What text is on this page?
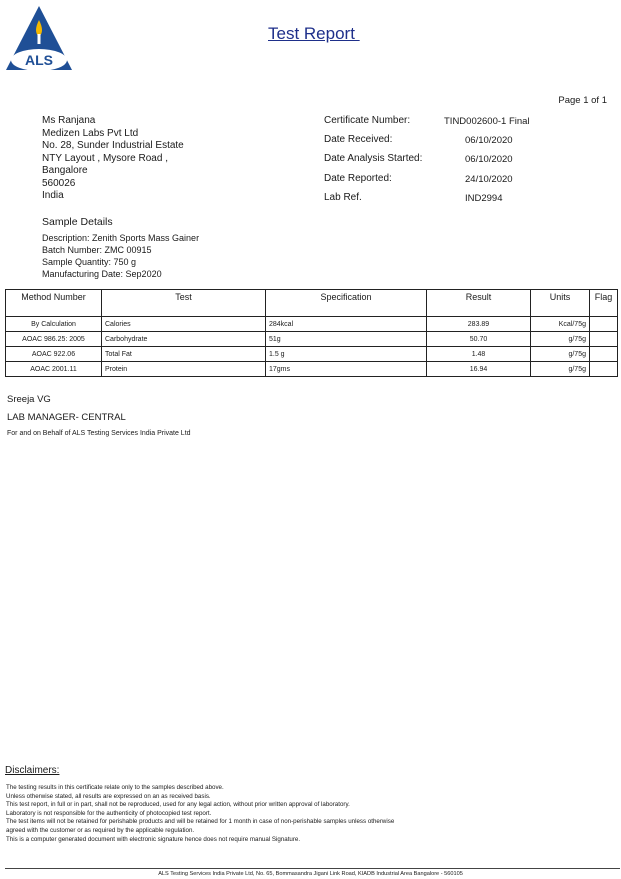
ALS
Test Report
Page 1 of 1
Ms Ranjana
Medizen Labs Pvt Ltd
No. 28, Sunder Industrial Estate
NTY Layout , Mysore Road ,
Bangalore
560026
India
Certificate Number:	TIND002600-1 Final
Date Received:	06/10/2020
Date Analysis Started:	06/10/2020
Date Reported:	24/10/2020
Lab Ref.	IND2994
Sample Details
Description: Zenith Sports Mass Gainer
Batch Number: ZMC 00915
Sample Quantity: 750 g
Manufacturing Date: Sep2020
Method Number	Test	Specification	Result	Units	Flag
By Calculation	Calories	284kcal	283.89	Kcal/75g	
AOAC 986.25: 2005	Carbohydrate	51g	50.70	g/75g	
AOAC 922.06	Total Fat	1.5 g	1.48	g/75g	
AOAC 2001.11	Protein	17gms	16.94	g/75g	
Sreeja VG
LAB MANAGER- CENTRAL
For and on Behalf of ALS Testing Services India Private Ltd
Disclaimers:
The testing results in this certificate relate only to the samples described above.
Unless otherwise stated, all results are expressed on an as received basis.
This test report, in full or in part, shall not be reproduced, used for any legal action, without prior written approval of laboratory.
Laboratory is not responsible for the authenticity of photocopied test report.
The test items will not be retained for perishable products and will be retained for 1 month in case of non-perishable samples unless otherwise
agreed with the customer or as required by the applicable regulation.
This is a computer generated document with electronic signature hence does not require manual Signature.
ALS Testing Services India Private Ltd, No. 65, Bommasandra Jigani Link Road, KIADB Industrial Area Bangalore - 560105
